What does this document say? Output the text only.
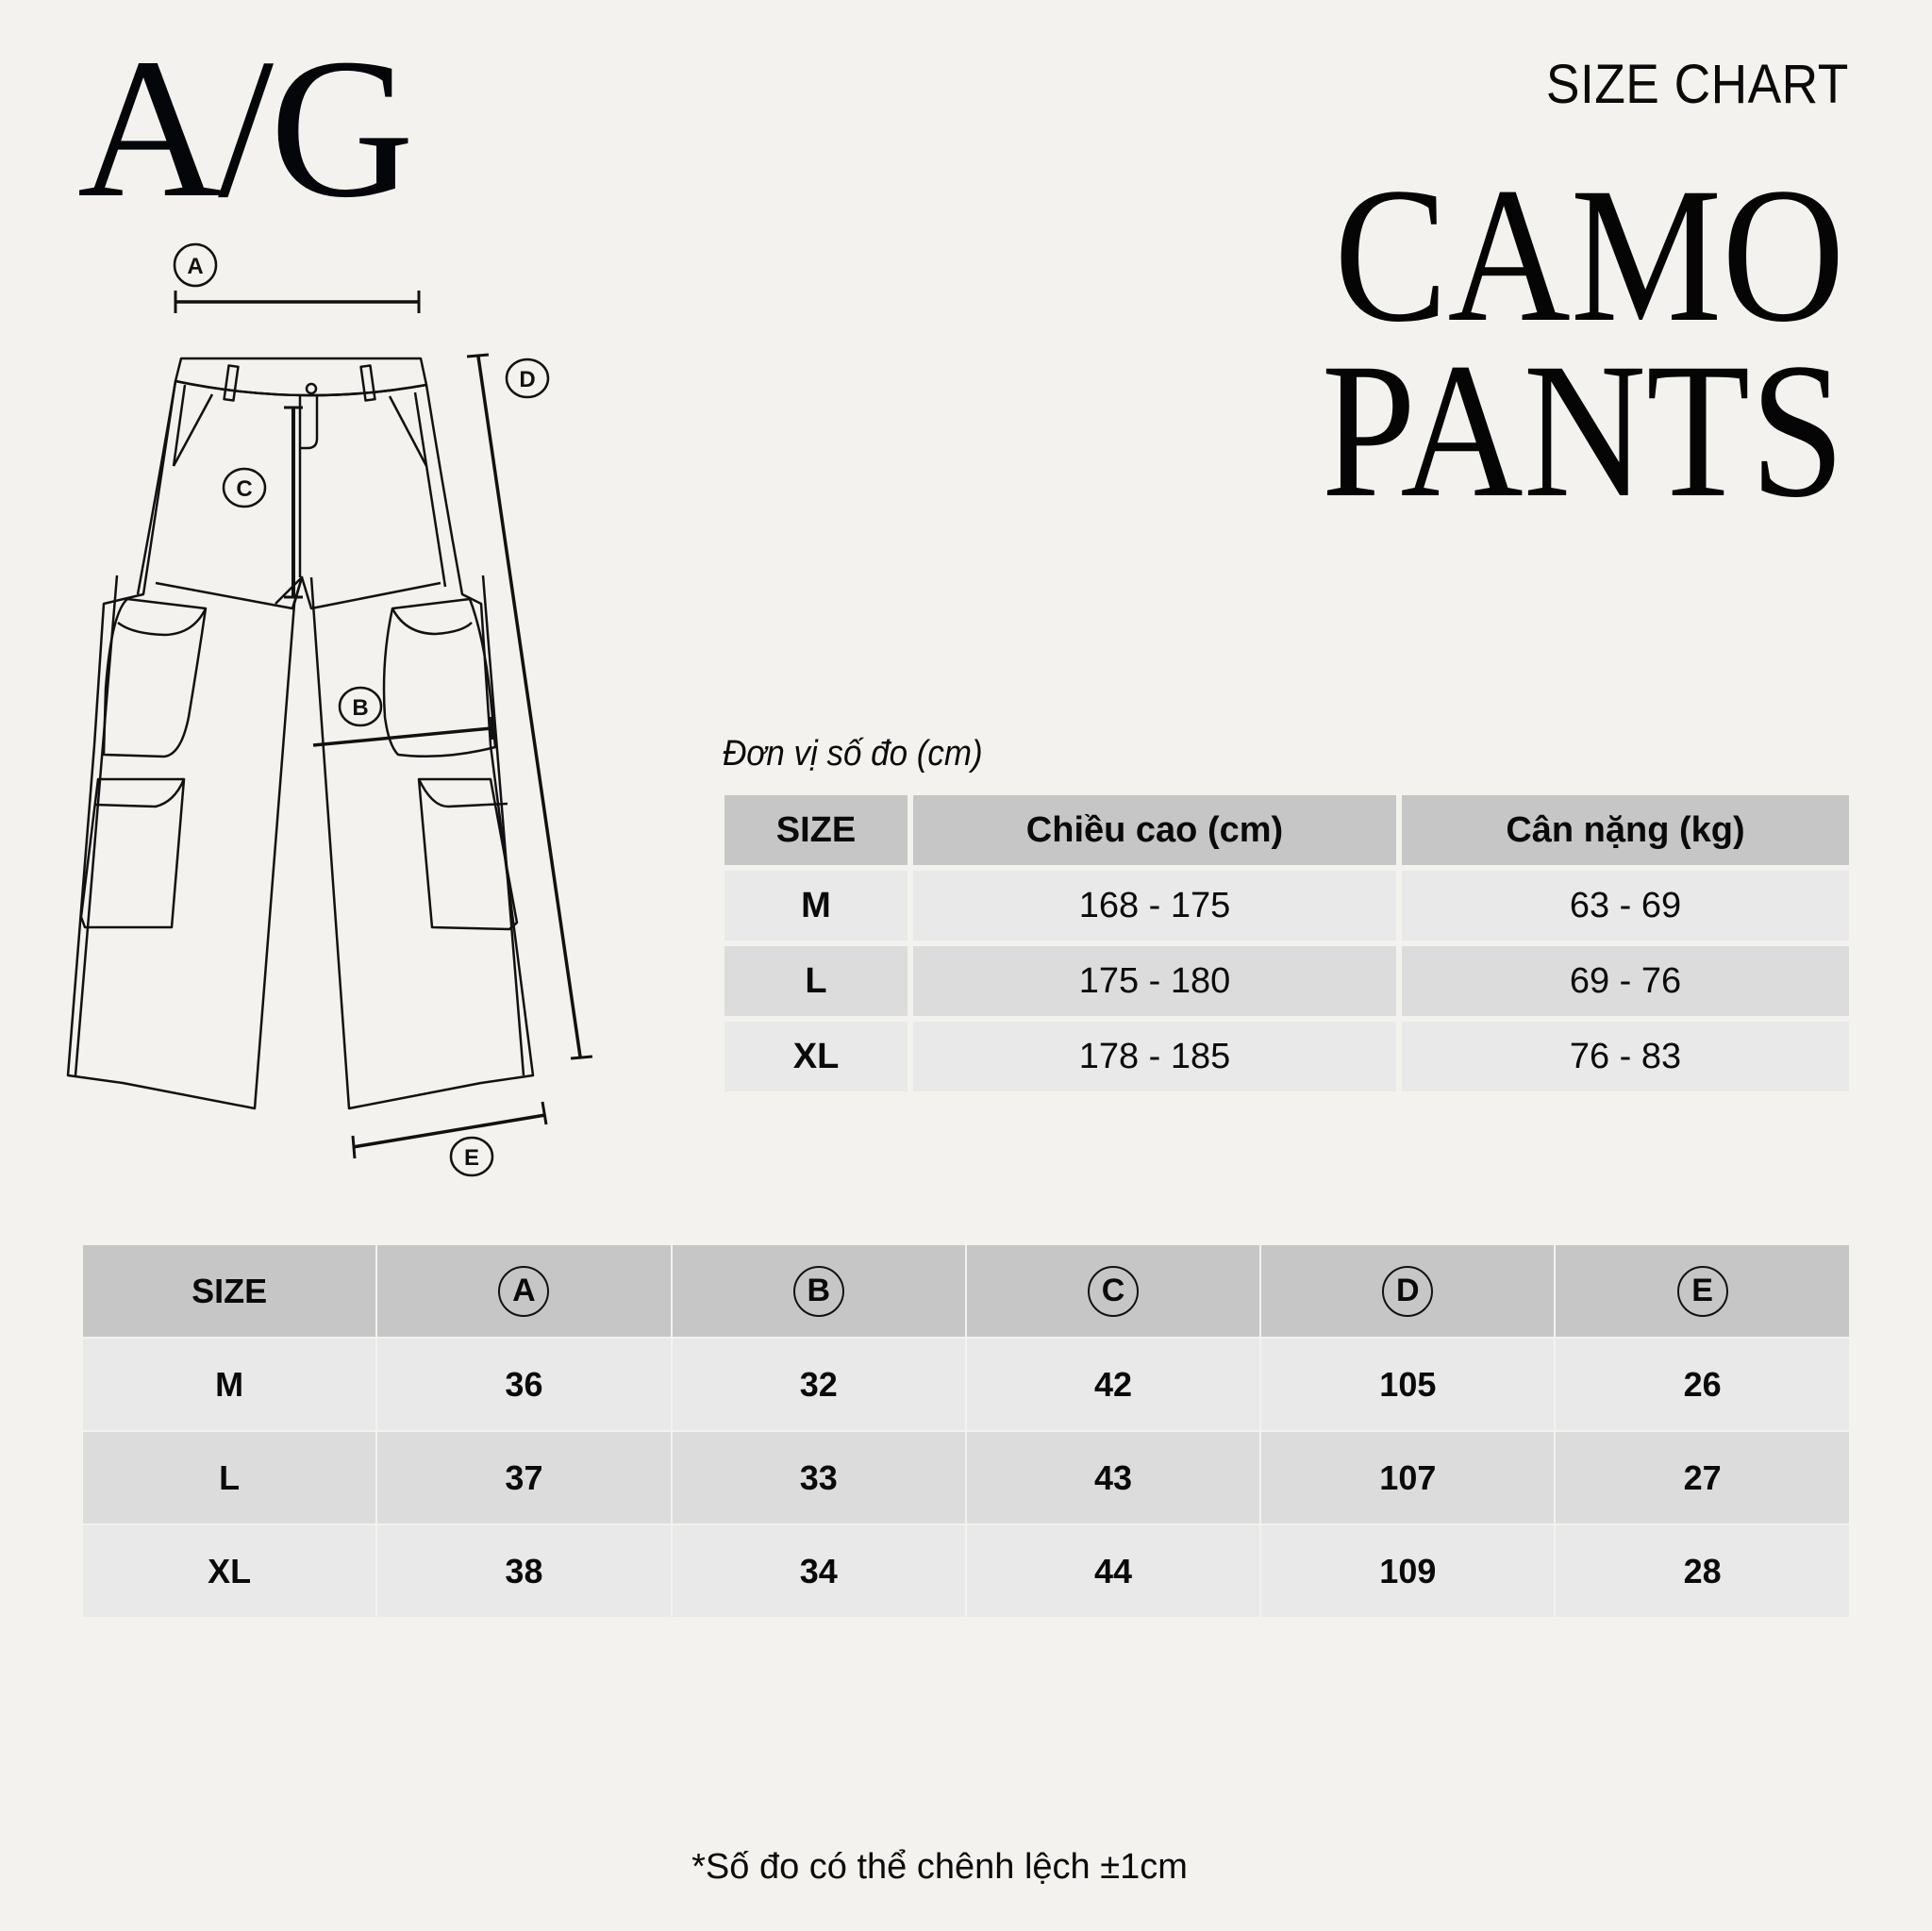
A/G	SIZE CHART
CAMO
PANTS
A
C
D
B
E
Đơn vị số đo (cm)
SIZE	Chiều cao (cm)	Cân nặng (kg)
M	168 - 175	63 - 69
L	175 - 180	69 - 76
XL	178 - 185	76 - 83
SIZE	A	B	C	D	E
M	36	32	42	105	26
L	37	33	43	107	27
XL	38	34	44	109	28
*Số đo có thể chênh lệch ±1cm
